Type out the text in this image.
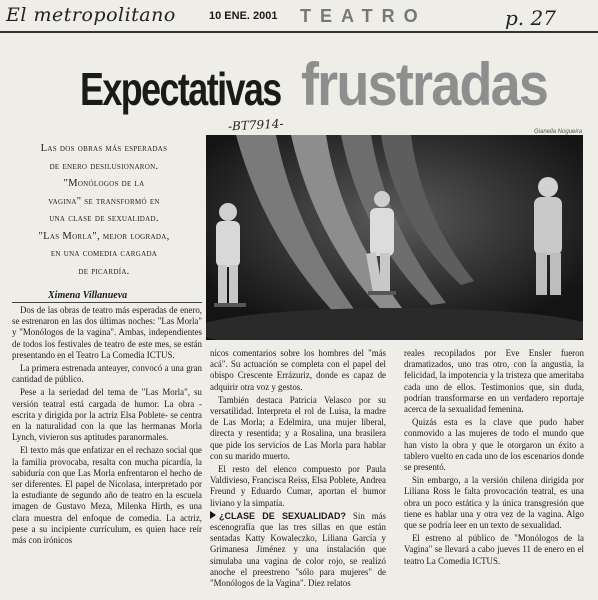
El metropolitano	10 ENE. 2001 TEATRO	p. 27
Expectativas frustradas
-BT7914-
Las dos obras más esperadas
de enero desilusionaron.
"Monólogos de la
vagina" se transformó en
una clase de sexualidad.
"Las Morla", mejor lograda,
en una comedia cargada
de picardía.
Gianella Nogueira
Ximena Villanueva

Dos de las obras de teatro más esperadas de enero, se estrenaron en las dos últimas noches: "Las Morla" y "Monólogos de la vagina". Ambas, independientes de todos los festivales de teatro de este mes, se están presentando en el Teatro La Comedia ICTUS.

La primera estrenada anteayer, convocó a una gran cantidad de público.

Pese a la seriedad del tema de "Las Morla", su versión teatral está cargada de humor. La obra -escrita y dirigida por la actriz Elsa Poblete- se centra en la naturalidad con la que las hermanas Morla Lynch, vivieron sus aptitudes paranormales.

El texto más que enfatizar en el rechazo social que la familia provocaba, resalta con mucha picardía, la sabiduría con que Las Morla enfrentaron el hecho de ser diferentes. El papel de Nicolasa, interpretado por la estudiante de segundo año de teatro en la escuela imagen de Gustavo Meza, Milenka Hirth, es una clara muestra del enfoque de comedia. La actriz, pese a su incipiente currículum, es quien hace reír más con irónicos

nicos comentarios sobre los hombres del "más acá". Su actuación se completa con el papel del obispo Crescente Errázuriz, donde es capaz de adquirir otra voz y gestos.

También destaca Patricia Velasco por su versatilidad. Interpreta el rol de Luisa, la madre de Las Morla; a Edelmira, una mujer liberal, directa y resentida; y a Rosalina, una brasilera que pide los servicios de Las Morla para hablar con su marido muerto.

El resto del elenco compuesto por Paula Valdivieso, Francisca Reiss, Elsa Poblete, Andrea Freund y Eduardo Cumar, aportan el humor liviano y la simpatía.

¿CLASE DE SEXUALIDAD? Sin más escenografía que las tres sillas en que están sentadas Katty Kowaleczko, Liliana García y Grimanesa Jiménez y una instalación que simulaba una vagina de color rojo, se realizó anoche el preestreno "sólo para mujeres" de "Monólogos de la Vagina". Diez relatos

reales recopilados por Eve Ensler fueron dramatizados, uno tras otro, con la angustia, la felicidad, la impotencia y la tristeza que ameritaba cada uno de ellos. Testimonios que, sin duda, podrían transformarse en un verdadero reportaje acerca de la sexualidad femenina.

Quizás esta es la clave que pudo haber conmovido a las mujeres de todo el mundo que han visto la obra y que le otorgaron un éxito a tablero vuelto en cada uno de los escenarios donde se presentó.

Sin embargo, a la versión chilena dirigida por Liliana Ross le falta provocación teatral, es una obra un poco estática y la única transgresión que tiene es hablar una y otra vez de la vagina. Algo que se podría leer en un texto de sexualidad.

El estreno al público de "Monólogos de la Vagina" se llevará a cabo jueves 11 de enero en el teatro La Comedia ICTUS.
